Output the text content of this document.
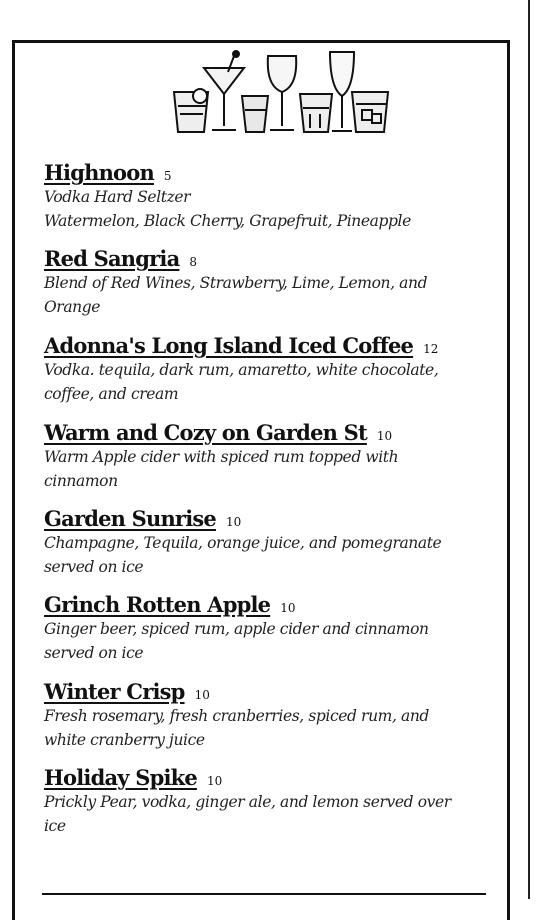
Highnoon 5

Vodka Hard Seltzer

Watermelon, Black Cherry, Grapefruit, Pineapple

Red Sangria 8

Blend of Red Wines, Strawberry, Lime, Lemon, and

Orange

Adonna's Long Island Iced Coffee 12

Vodka. tequila, dark rum, amaretto, white chocolate,

coffee, and cream

Warm and Cozy on Garden St 10

Warm Apple cider with spiced rum topped with

cinnamon

Garden Sunrise 10

Champagne, Tequila, orange juice, and pomegranate

served on ice

Grinch Rotten Apple 10

Ginger beer, spiced rum, apple cider and cinnamon

served on ice

Winter Crisp 10

Fresh rosemary, fresh cranberries, spiced rum, and

white cranberry juice

Holiday Spike 10

Prickly Pear, vodka, ginger ale, and lemon served over

ice
